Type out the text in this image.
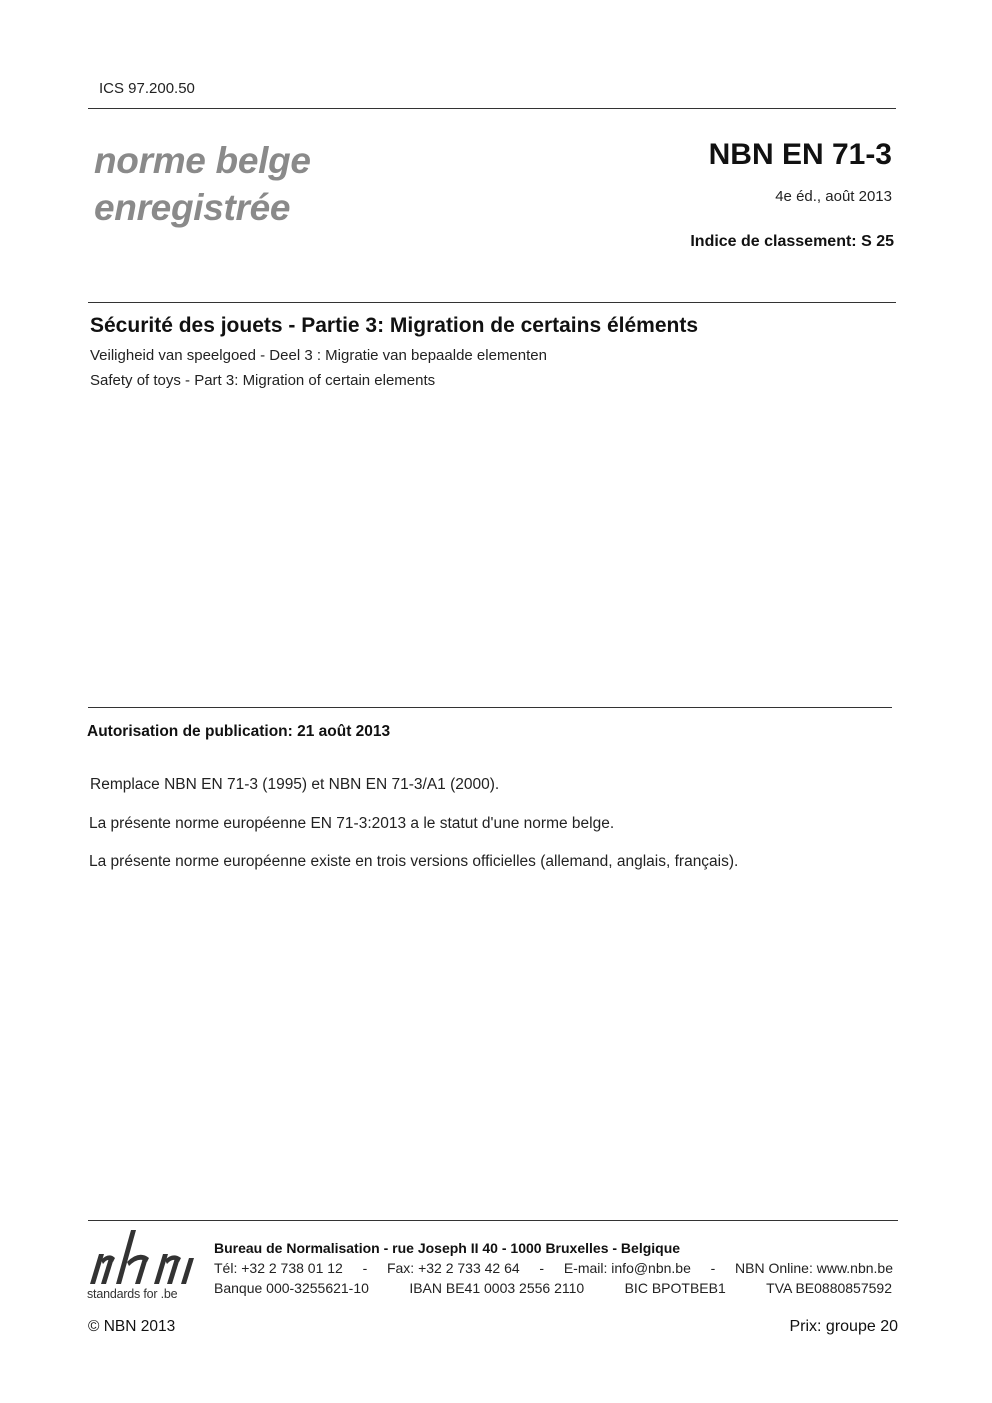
ICS 97.200.50
norme belge
enregistrée
NBN EN 71-3
4e éd., août 2013
Indice de classement: S 25
Sécurité des jouets - Partie 3: Migration de certains éléments
Veiligheid van speelgoed - Deel 3 : Migratie van bepaalde elementen
Safety of toys - Part 3: Migration of certain elements
Autorisation de publication: 21 août 2013
Remplace NBN EN 71-3 (1995) et NBN EN 71-3/A1 (2000).
La présente norme européenne EN 71-3:2013 a le statut d'une norme belge.
La présente norme européenne existe en trois versions officielles (allemand, anglais, français).
standards for .be
Bureau de Normalisation - rue Joseph II 40 - 1000 Bruxelles - Belgique
Tél: +32 2 738 01 12 - Fax: +32 2 733 42 64 - E-mail: info@nbn.be - NBN Online: www.nbn.be
Banque 000-3255621-10	IBAN BE41 0003 2556 2110	BIC BPOTBEB1	TVA BE0880857592
© NBN 2013	Prix: groupe 20
